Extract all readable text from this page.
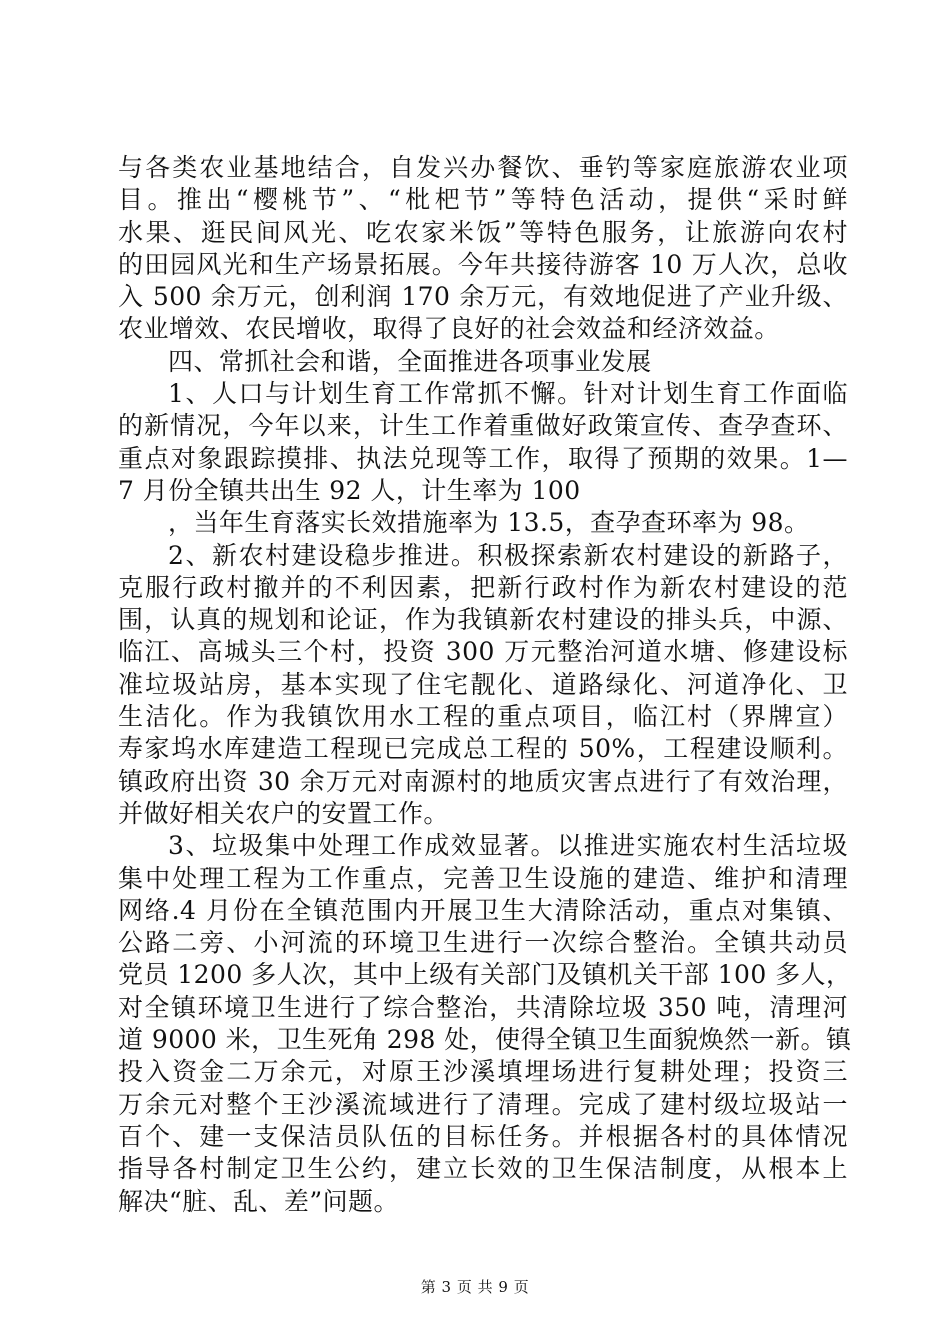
与各类农业基地结合，自发兴办餐饮、垂钓等家庭旅游农业项
目。推出“樱桃节”、“枇杷节”等特色活动，提供“采时鲜
水果、逛民间风光、吃农家米饭”等特色服务，让旅游向农村
的田园风光和生产场景拓展。今年共接待游客 10 万人次，总收
入 500 余万元，创利润 170 余万元，有效地促进了产业升级、
农业增效、农民增收，取得了良好的社会效益和经济效益。
四、常抓社会和谐，全面推进各项事业发展
1、人口与计划生育工作常抓不懈。针对计划生育工作面临
的新情况，今年以来，计生工作着重做好政策宣传、查孕查环、
重点对象跟踪摸排、执法兑现等工作，取得了预期的效果。1—
7 月份全镇共出生 92 人，计生率为 100
，当年生育落实长效措施率为 13.5，查孕查环率为 98。
2、新农村建设稳步推进。积极探索新农村建设的新路子，
克服行政村撤并的不利因素，把新行政村作为新农村建设的范
围，认真的规划和论证，作为我镇新农村建设的排头兵，中源、
临江、高城头三个村，投资 300 万元整治河道水塘、修建设标
准垃圾站房，基本实现了住宅靓化、道路绿化、河道净化、卫
生洁化。作为我镇饮用水工程的重点项目，临江村（界牌宣）
寿家坞水库建造工程现已完成总工程的 50%，工程建设顺利。
镇政府出资 30 余万元对南源村的地质灾害点进行了有效治理，
并做好相关农户的安置工作。
3、垃圾集中处理工作成效显著。以推进实施农村生活垃圾
集中处理工程为工作重点，完善卫生设施的建造、维护和清理
网络.4 月份在全镇范围内开展卫生大清除活动，重点对集镇、
公路二旁、小河流的环境卫生进行一次综合整治。全镇共动员
党员 1200 多人次，其中上级有关部门及镇机关干部 100 多人，
对全镇环境卫生进行了综合整治，共清除垃圾 350 吨，清理河
道 9000 米，卫生死角 298 处，使得全镇卫生面貌焕然一新。镇
投入资金二万余元，对原王沙溪填埋场进行复耕处理；投资三
万余元对整个王沙溪流域进行了清理。完成了建村级垃圾站一
百个、建一支保洁员队伍的目标任务。并根据各村的具体情况
指导各村制定卫生公约，建立长效的卫生保洁制度，从根本上
解决“脏、乱、差”问题。
第 3 页 共 9 页
